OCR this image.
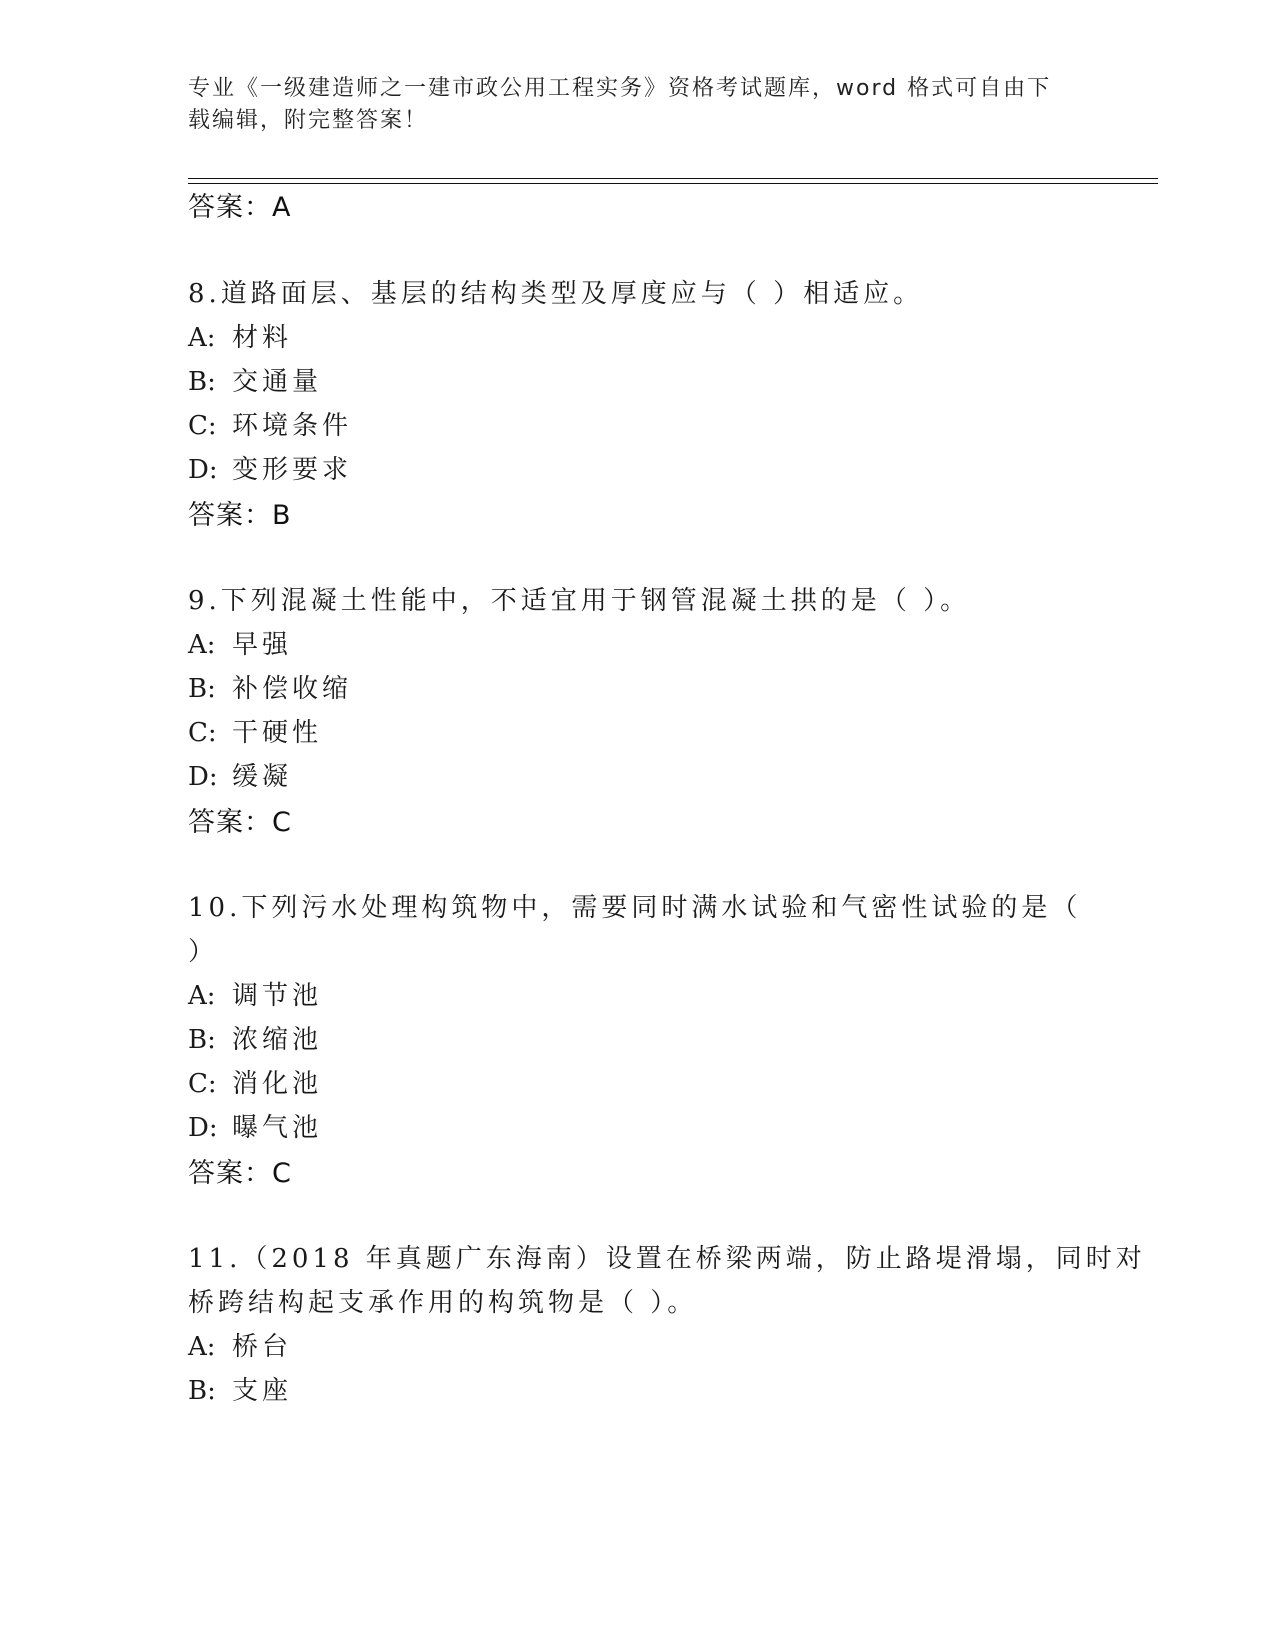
专业《一级建造师之一建市政公用工程实务》资格考试题库，word 格式可自由下
载编辑，附完整答案！
答案：A
8.道路面层、基层的结构类型及厚度应与（ ）相适应。
A: 材料
B: 交通量
C: 环境条件
D: 变形要求
答案：B
9.下列混凝土性能中，不适宜用于钢管混凝土拱的是（ ）。
A: 早强
B: 补偿收缩
C: 干硬性
D: 缓凝
答案：C
10.下列污水处理构筑物中，需要同时满水试验和气密性试验的是（
）
A: 调节池
B: 浓缩池
C: 消化池
D: 曝气池
答案：C
11.（2018 年真题广东海南）设置在桥梁两端，防止路堤滑塌，同时对
桥跨结构起支承作用的构筑物是（ ）。
A: 桥台
B: 支座
